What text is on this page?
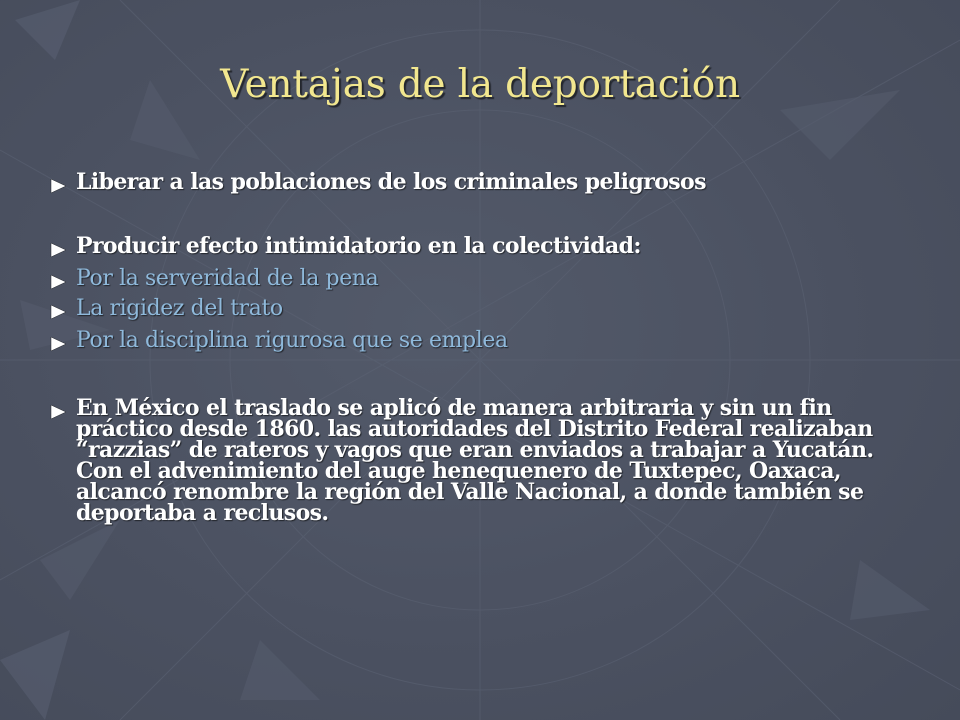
Ventajas de la deportación
Liberar a las poblaciones de los criminales peligrosos
Producir efecto intimidatorio en la colectividad:
Por la serveridad de la pena
La rigidez del trato
Por la disciplina rigurosa que se emplea
En México el traslado se aplicó de manera arbitraria y sin un fin práctico desde 1860. las autoridades del Distrito Federal realizaban “razzias” de rateros y vagos que eran enviados a trabajar a Yucatán. Con el advenimiento del auge henequenero de Tuxtepec, Oaxaca, alcancó renombre la región del Valle Nacional, a donde también se deportaba a reclusos.
